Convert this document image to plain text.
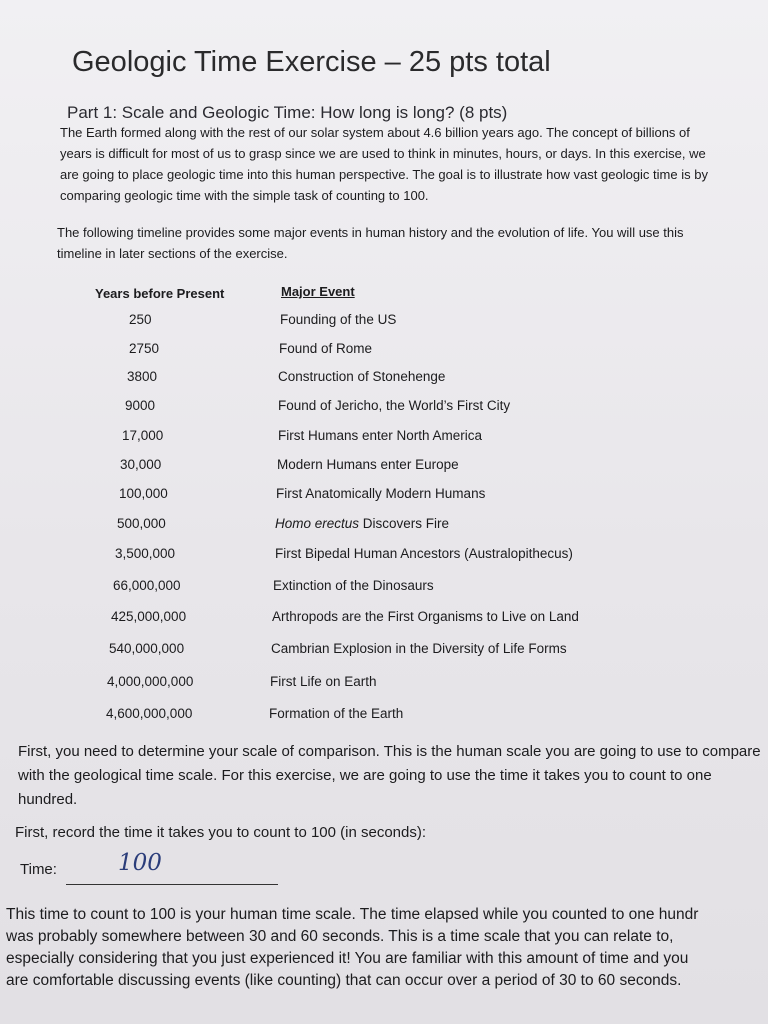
Geologic Time Exercise – 25 pts total
Part 1: Scale and Geologic Time: How long is long? (8 pts)
The Earth formed along with the rest of our solar system about 4.6 billion years ago. The concept of billions of years is difficult for most of us to grasp since we are used to think in minutes, hours, or days. In this exercise, we are going to place geologic time into this human perspective. The goal is to illustrate how vast geologic time is by comparing geologic time with the simple task of counting to 100.
The following timeline provides some major events in human history and the evolution of life. You will use this timeline in later sections of the exercise.
Years before Present	Major Event
250	Founding of the US
2750	Found of Rome
3800	Construction of Stonehenge
9000	Found of Jericho, the World’s First City
17,000	First Humans enter North America
30,000	Modern Humans enter Europe
100,000	First Anatomically Modern Humans
500,000	Homo erectus Discovers Fire
3,500,000	First Bipedal Human Ancestors (Australopithecus)
66,000,000	Extinction of the Dinosaurs
425,000,000	Arthropods are the First Organisms to Live on Land
540,000,000	Cambrian Explosion in the Diversity of Life Forms
4,000,000,000	First Life on Earth
4,600,000,000	Formation of the Earth
First, you need to determine your scale of comparison. This is the human scale you are going to use to compare with the geological time scale. For this exercise, we are going to use the time it takes you to count to one hundred.
First, record the time it takes you to count to 100 (in seconds):
Time:	100
This time to count to 100 is your human time scale. The time elapsed while you counted to one hundr
was probably somewhere between 30 and 60 seconds. This is a time scale that you can relate to,
especially considering that you just experienced it! You are familiar with this amount of time and you
are comfortable discussing events (like counting) that can occur over a period of 30 to 60 seconds.
